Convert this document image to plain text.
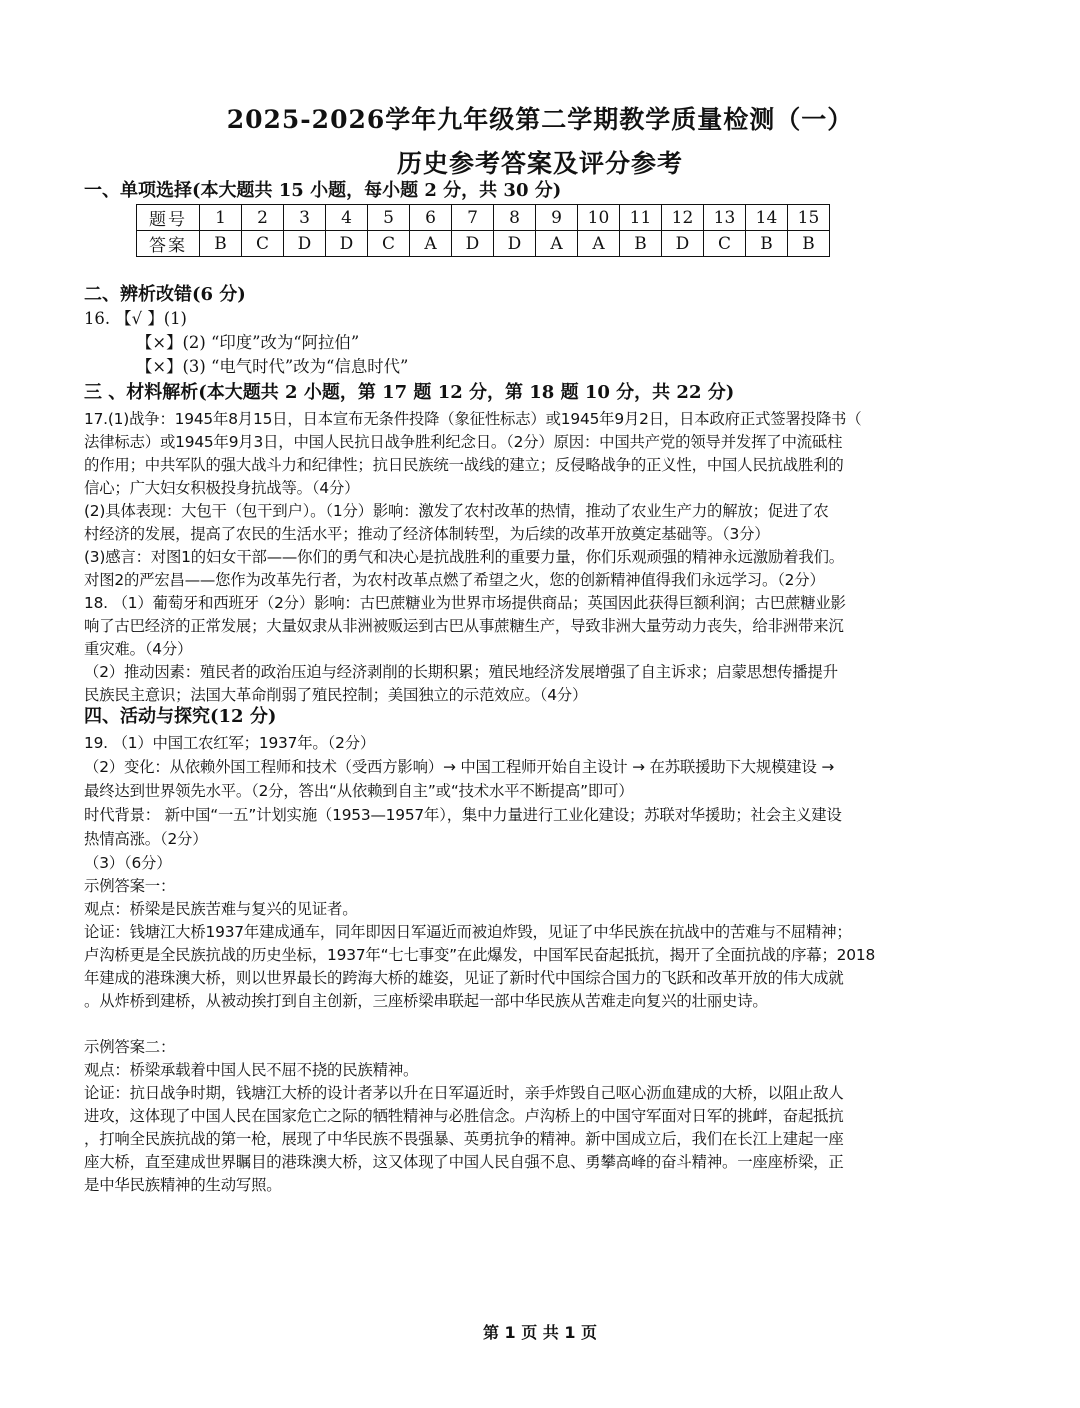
2025-2026学年九年级第二学期教学质量检测（一）
历史参考答案及评分参考
一、单项选择(本大题共 15 小题，每小题 2 分，共 30 分)
题号	1	2	3	4	5	6	7	8	9	10	11	12	13	14	15
答案	B	C	D	D	C	A	D	D	A	A	B	D	C	B	B
二、辨析改错(6 分)
16. 【√ 】(1)
【×】(2) “印度”改为“阿拉伯”
【×】(3) “电气时代”改为“信息时代”
三 、材料解析(本大题共 2 小题，第 17 题 12 分，第 18 题 10 分，共 22 分)
17.(1)战争：1945年8月15日，日本宣布无条件投降（象征性标志）或1945年9月2日，日本政府正式签署投降书（
法律标志）或1945年9月3日，中国人民抗日战争胜利纪念日。（2分）原因：中国共产党的领导并发挥了中流砥柱
的作用；中共军队的强大战斗力和纪律性；抗日民族统一战线的建立；反侵略战争的正义性，中国人民抗战胜利的
信心；广大妇女积极投身抗战等。（4分）
(2)具体表现：大包干（包干到户）。（1分）影响：激发了农村改革的热情，推动了农业生产力的解放；促进了农
村经济的发展，提高了农民的生活水平；推动了经济体制转型，为后续的改革开放奠定基础等。（3分）
(3)感言：对图1的妇女干部——你们的勇气和决心是抗战胜利的重要力量，你们乐观顽强的精神永远激励着我们。
对图2的严宏昌——您作为改革先行者，为农村改革点燃了希望之火，您的创新精神值得我们永远学习。（2分）
18. （1）葡萄牙和西班牙（2分）影响：古巴蔗糖业为世界市场提供商品；英国因此获得巨额利润；古巴蔗糖业影
响了古巴经济的正常发展；大量奴隶从非洲被贩运到古巴从事蔗糖生产，导致非洲大量劳动力丧失，给非洲带来沉
重灾难。（4分）
（2）推动因素：殖民者的政治压迫与经济剥削的长期积累；殖民地经济发展增强了自主诉求；启蒙思想传播提升
民族民主意识；法国大革命削弱了殖民控制；美国独立的示范效应。（4分）
四、活动与探究(12 分)
19. （1）中国工农红军；1937年。（2分）
（2）变化：从依赖外国工程师和技术（受西方影响）→ 中国工程师开始自主设计 → 在苏联援助下大规模建设 →
最终达到世界领先水平。（2分，答出“从依赖到自主”或“技术水平不断提高”即可）
时代背景： 新中国“一五”计划实施（1953—1957年），集中力量进行工业化建设；苏联对华援助；社会主义建设
热情高涨。（2分）
（3）（6分）
示例答案一：
观点：桥梁是民族苦难与复兴的见证者。
论证：钱塘江大桥1937年建成通车，同年即因日军逼近而被迫炸毁，见证了中华民族在抗战中的苦难与不屈精神；
卢沟桥更是全民族抗战的历史坐标，1937年“七七事变”在此爆发，中国军民奋起抵抗，揭开了全面抗战的序幕；2018
年建成的港珠澳大桥，则以世界最长的跨海大桥的雄姿，见证了新时代中国综合国力的飞跃和改革开放的伟大成就
。从炸桥到建桥，从被动挨打到自主创新，三座桥梁串联起一部中华民族从苦难走向复兴的壮丽史诗。
示例答案二：
观点：桥梁承载着中国人民不屈不挠的民族精神。
论证：抗日战争时期，钱塘江大桥的设计者茅以升在日军逼近时，亲手炸毁自己呕心沥血建成的大桥，以阻止敌人
进攻，这体现了中国人民在国家危亡之际的牺牲精神与必胜信念。卢沟桥上的中国守军面对日军的挑衅，奋起抵抗
，打响全民族抗战的第一枪，展现了中华民族不畏强暴、英勇抗争的精神。新中国成立后，我们在长江上建起一座
座大桥，直至建成世界瞩目的港珠澳大桥，这又体现了中国人民自强不息、勇攀高峰的奋斗精神。一座座桥梁，正
是中华民族精神的生动写照。
第 1 页 共 1 页
